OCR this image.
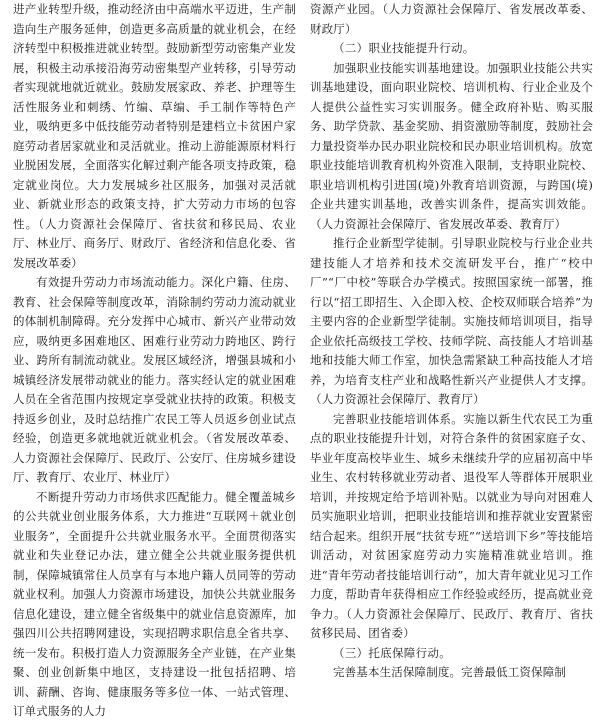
进产业转型升级，推动经济由中高端水平迈进，生产制造向生产服务延伸，创造更多高质量的就业机会，在经济转型中积极推进就业转型。鼓励新型劳动密集产业发展，积极主动承接沿海劳动密集型产业转移，引导劳动者实现就地就近就业。鼓励发展家政、养老、护理等生活性服务业和刺绣、竹编、草编、手工制作等特色产业，吸纳更多中低技能劳动者特别是建档立卡贫困户家庭劳动者居家就业和灵活就业。推动上游能源原材料行业脱困发展，全面落实化解过剩产能各项支持政策，稳定就业岗位。大力发展城乡社区服务，加强对灵活就业、新就业形态的政策支持，扩大劳动力市场的包容性。（人力资源社会保障厅、省扶贫和移民局、农业厅、林业厅、商务厅、财政厅、省经济和信息化委、省发展改革委）

有效提升劳动力市场流动能力。深化户籍、住房、教育、社会保障等制度改革，消除制约劳动力流动就业的体制机制障碍。充分发挥中心城市、新兴产业带动效应，吸纳更多困难地区、困难行业劳动力跨地区、跨行业、跨所有制流动就业。发展区域经济，增强县城和小城镇经济发展带动就业的能力。落实经认定的就业困难人员在全省范围内按规定享受就业扶持的政策。积极支持返乡创业，及时总结推广农民工等人员返乡创业试点经验，创造更多就地就近就业机会。（省发展改革委、人力资源社会保障厅、民政厅、公安厅、住房城乡建设厅、教育厅、农业厅、林业厅）

不断提升劳动力市场供求匹配能力。健全覆盖城乡的公共就业创业服务体系，大力推进“互联网＋就业创业服务”，全面提升公共就业服务水平。全面贯彻落实就业和失业登记办法，建立健全公共就业服务提供机制，保障城镇常住人员享有与本地户籍人员同等的劳动就业权利。加强人力资源市场建设，加快公共就业服务信息化建设，建立健全省级集中的就业信息资源库，加强四川公共招聘网建设，实现招聘求职信息全省共享、统一发布。积极打造人力资源服务全产业链，在产业集聚、创业创新集中地区，支持建设一批包括招聘、培训、薪酬、咨询、健康服务等多位一体、一站式管理、订单式服务的人力

资源产业园。（人力资源社会保障厅、省发展改革委、财政厅）

（二）职业技能提升行动。

加强职业技能实训基地建设。加强职业技能公共实训基地建设，面向职业院校、培训机构、行业企业及个人提供公益性实习实训服务。健全政府补贴、购买服务、助学贷款、基金奖励、捐资激励等制度，鼓励社会力量投资举办民办职业院校和民办职业培训机构。放宽职业技能培训教育机构外资准入限制，支持职业院校、职业培训机构引进国(境)外教育培训资源，与跨国(境)企业共建实训基地，改善实训条件，提高实训效能。（人力资源社会保障厅、省发展改革委、教育厅）

推行企业新型学徒制。引导职业院校与行业企业共建技能人才培养和技术交流研发平台，推广“校中厂”“厂中校”等联合办学模式。按照国家统一部署，推行以“招工即招生、入企即入校、企校双师联合培养”为主要内容的企业新型学徒制。实施技师培训项目，指导企业依托高级技工学校、技师学院、高技能人才培训基地和技能大师工作室，加快急需紧缺工种高技能人才培养，为培育支柱产业和战略性新兴产业提供人才支撑。（人力资源社会保障厅、教育厅）

完善职业技能培训体系。实施以新生代农民工为重点的职业技能提升计划，对符合条件的贫困家庭子女、毕业年度高校毕业生、城乡未继续升学的应届初高中毕业生、农村转移就业劳动者、退役军人等群体开展职业培训，并按规定给予培训补贴。以就业为导向对困难人员实施职业培训，把职业技能培训和推荐就业安置紧密结合起来。组织开展“扶贫专班”“送培训下乡”等技能培训活动，对贫困家庭劳动力实施精准就业培训。推进“青年劳动者技能培训行动”，加大青年就业见习工作力度，帮助青年获得相应工作经验或经历，提高就业竞争力。（人力资源社会保障厅、民政厅、教育厅、省扶贫移民局、团省委）

（三）托底保障行动。

完善基本生活保障制度。完善最低工资保障制
